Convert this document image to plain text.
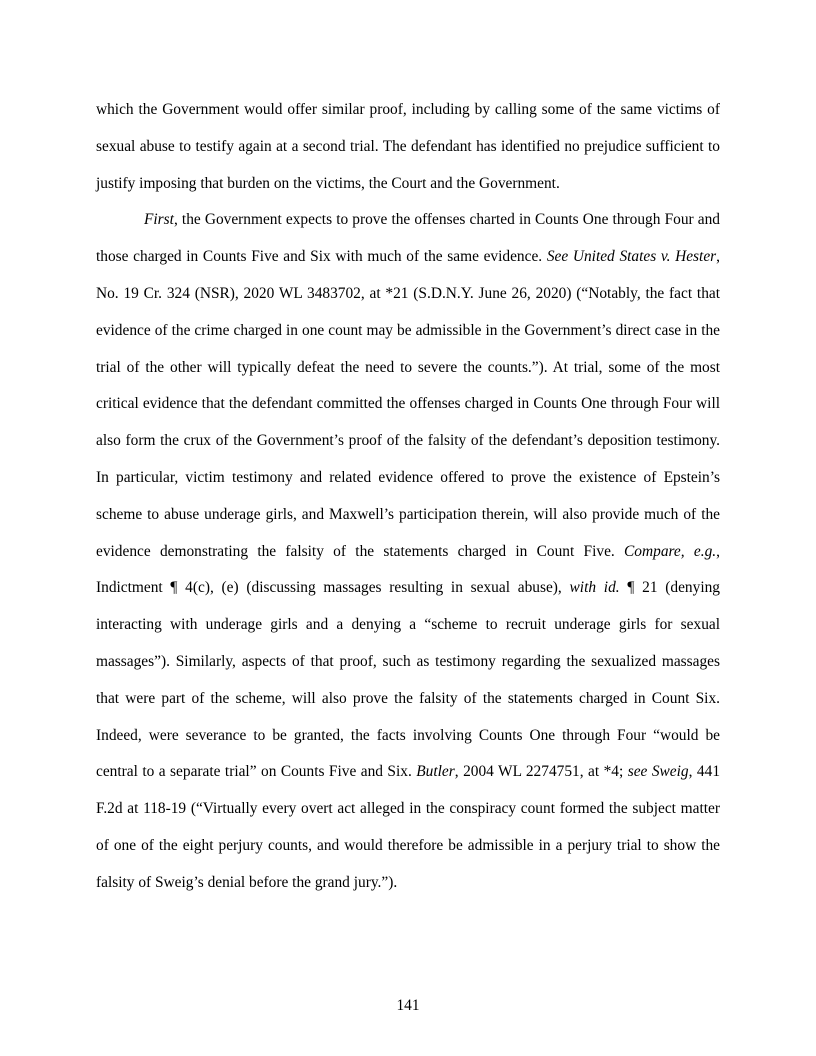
which the Government would offer similar proof, including by calling some of the same victims of sexual abuse to testify again at a second trial. The defendant has identified no prejudice sufficient to justify imposing that burden on the victims, the Court and the Government.

First, the Government expects to prove the offenses charted in Counts One through Four and those charged in Counts Five and Six with much of the same evidence. See United States v. Hester, No. 19 Cr. 324 (NSR), 2020 WL 3483702, at *21 (S.D.N.Y. June 26, 2020) (“Notably, the fact that evidence of the crime charged in one count may be admissible in the Government’s direct case in the trial of the other will typically defeat the need to severe the counts.”). At trial, some of the most critical evidence that the defendant committed the offenses charged in Counts One through Four will also form the crux of the Government’s proof of the falsity of the defendant’s deposition testimony. In particular, victim testimony and related evidence offered to prove the existence of Epstein’s scheme to abuse underage girls, and Maxwell’s participation therein, will also provide much of the evidence demonstrating the falsity of the statements charged in Count Five. Compare, e.g., Indictment ¶ 4(c), (e) (discussing massages resulting in sexual abuse), with id. ¶ 21 (denying interacting with underage girls and a denying a “scheme to recruit underage girls for sexual massages”). Similarly, aspects of that proof, such as testimony regarding the sexualized massages that were part of the scheme, will also prove the falsity of the statements charged in Count Six. Indeed, were severance to be granted, the facts involving Counts One through Four “would be central to a separate trial” on Counts Five and Six. Butler, 2004 WL 2274751, at *4; see Sweig, 441 F.2d at 118-19 (“Virtually every overt act alleged in the conspiracy count formed the subject matter of one of the eight perjury counts, and would therefore be admissible in a perjury trial to show the falsity of Sweig’s denial before the grand jury.”).

141
